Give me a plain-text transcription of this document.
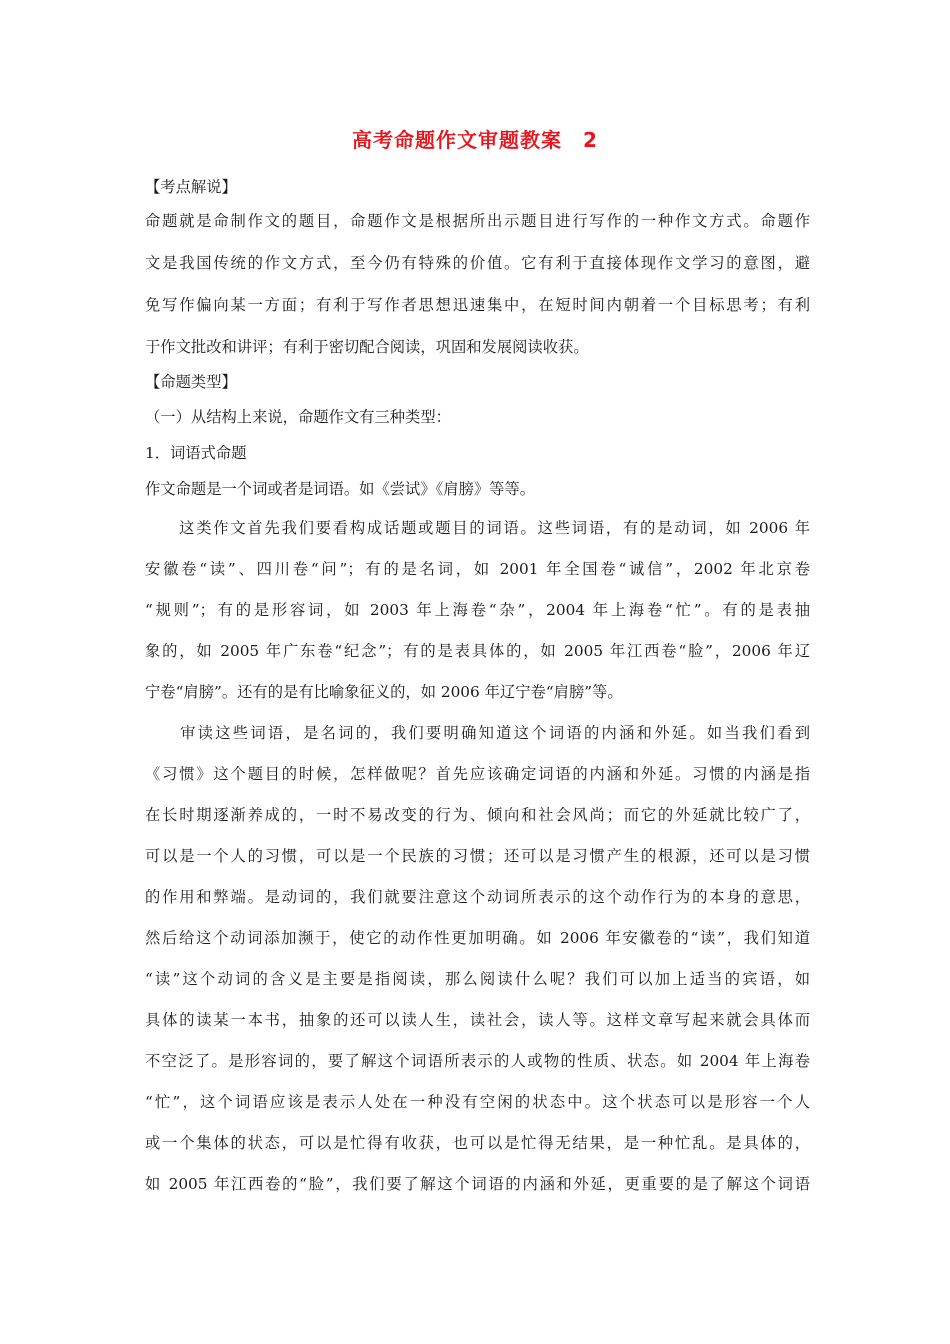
高考命题作文审题教案　2
【考点解说】
命题就是命制作文的题目，命题作文是根据所出示题目进行写作的一种作文方式。命题作
文是我国传统的作文方式，至今仍有特殊的价值。它有利于直接体现作文学习的意图，避
免写作偏向某一方面；有利于写作者思想迅速集中，在短时间内朝着一个目标思考；有利
于作文批改和讲评；有利于密切配合阅读，巩固和发展阅读收获。
【命题类型】
（一）从结构上来说，命题作文有三种类型：
1．词语式命题
作文命题是一个词或者是词语。如《尝试》《肩膀》等等。
　　这类作文首先我们要看构成话题或题目的词语。这些词语，有的是动词，如 2006 年
安徽卷“读”、四川卷“问”；有的是名词，如 2001 年全国卷“诚信”，2002 年北京卷
“规则”；有的是形容词，如 2003 年上海卷“杂”，2004 年上海卷“忙”。有的是表抽
象的，如 2005 年广东卷“纪念”；有的是表具体的，如 2005 年江西卷“脸”，2006 年辽
宁卷“肩膀”。还有的是有比喻象征义的，如 2006 年辽宁卷“肩膀”等。
　　审读这些词语，是名词的，我们要明确知道这个词语的内涵和外延。如当我们看到
《习惯》这个题目的时候，怎样做呢？首先应该确定词语的内涵和外延。习惯的内涵是指
在长时期逐渐养成的，一时不易改变的行为、倾向和社会风尚；而它的外延就比较广了，
可以是一个人的习惯，可以是一个民族的习惯；还可以是习惯产生的根源，还可以是习惯
的作用和弊端。是动词的，我们就要注意这个动词所表示的这个动作行为的本身的意思，
然后给这个动词添加濒于，使它的动作性更加明确。如 2006 年安徽卷的“读”，我们知道
“读”这个动词的含义是主要是指阅读，那么阅读什么呢？我们可以加上适当的宾语，如
具体的读某一本书，抽象的还可以读人生，读社会，读人等。这样文章写起来就会具体而
不空泛了。是形容词的，要了解这个词语所表示的人或物的性质、状态。如 2004 年上海卷
“忙”，这个词语应该是表示人处在一种没有空闲的状态中。这个状态可以是形容一个人
或一个集体的状态，可以是忙得有收获，也可以是忙得无结果，是一种忙乱。是具体的，
如 2005 年江西卷的“脸”，我们要了解这个词语的内涵和外延，更重要的是了解这个词语
